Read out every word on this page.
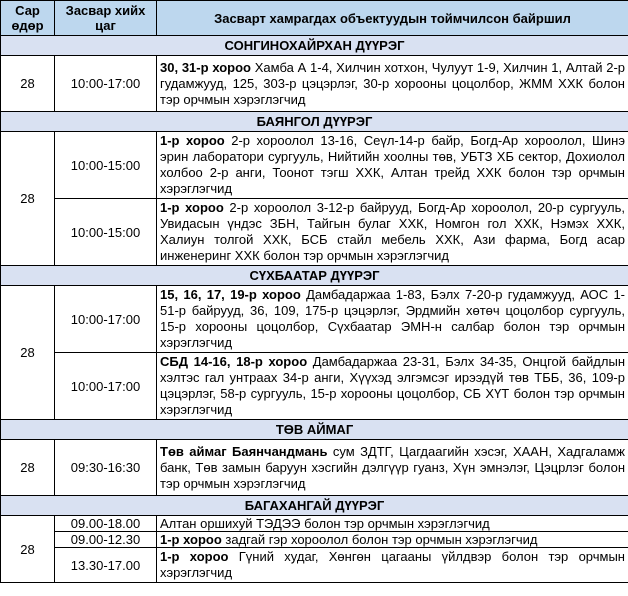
Сар өдөр	Засвар хийх цаг	Засварт хамрагдах объектуудын тоймчилсон байршил
СОНГИНОХАЙРХАН ДҮҮРЭГ		
28	10:00-17:00	30, 31-р хороо Хамба А 1-4, Хилчин хотхон, Чулуут 1-9, Хилчин 1, Алтай 2-р гудамжууд, 125, 303-р цэцэрлэг, 30-р хорооны цоцолбор, ЖММ ХХК болон тэр орчмын хэрэглэгчид
БАЯНГОЛ ДҮҮРЭГ		
28	10:00-15:00	1-р хороо 2-р хороолол 13-16, Сеүл-14-р байр, Богд-Ар хороолол, Шинэ эрин лаборатори сургууль, Нийтийн хоолны төв, УБТЗ ХБ сектор, Дохиолол холбоо 2-р анги, Тоонот тэгш ХХК, Алтан трейд ХХК болон тэр орчмын хэрэглэгчид
	10:00-15:00	1-р хороо 2-р хороолол 3-12-р байрууд, Богд-Ар хороолол, 20-р сургууль, Увидасын үндэс ЗБН, Тайгын булаг ХХК, Номгон гол ХХК, Нэмэх ХХК, Халиун толгой ХХК, БСБ стайл мебель ХХК, Ази фарма, Богд асар инженеринг ХХК болон тэр орчмын хэрэглэгчид
СҮХБААТАР ДҮҮРЭГ		
28	10:00-17:00	15, 16, 17, 19-р хороо Дамбадаржаа 1-83, Бэлх 7-20-р гудамжууд, АОС 1-51-р байрууд, 36, 109, 175-р цэцэрлэг, Эрдмийн хөтөч цоцолбор сургууль, 15-р хорооны цоцолбор, Сүхбаатар ЭМН-н салбар болон тэр орчмын хэрэглэгчид
	10:00-17:00	СБД 14-16, 18-р хороо Дамбадаржаа 23-31, Бэлх 34-35, Онцгой байдлын хэлтэс гал унтраах 34-р анги, Хүүхэд элгэмсэг ирээдүй төв ТББ, 36, 109-р цэцэрлэг, 58-р сургууль, 15-р хорооны цоцолбор, СБ ХҮТ болон тэр орчмын хэрэглэгчид
ТӨВ АЙМАГ		
28	09:30-16:30	Төв аймаг Баянчандмань сум ЗДТГ, Цагдаагийн хэсэг, ХААН, Хадгаламж банк, Төв замын баруун хэсгийн дэлгүүр гуанз, Хүн эмнэлэг, Цэцрлэг болон тэр орчмын хэрэглэгчид
БАГАХАНГАЙ ДҮҮРЭГ		
28	09.00-18.00	Алтан оршихуй ТЭДЭЭ болон тэр орчмын хэрэглэгчид
	09.00-12.30	1-р хороо задгай гэр хороолол болон тэр орчмын хэрэглэгчид
	13.30-17.00	1-р хороо Гүний худаг, Хөнгөн цагааны үйлдвэр болон тэр орчмын хэрэглэгчид
